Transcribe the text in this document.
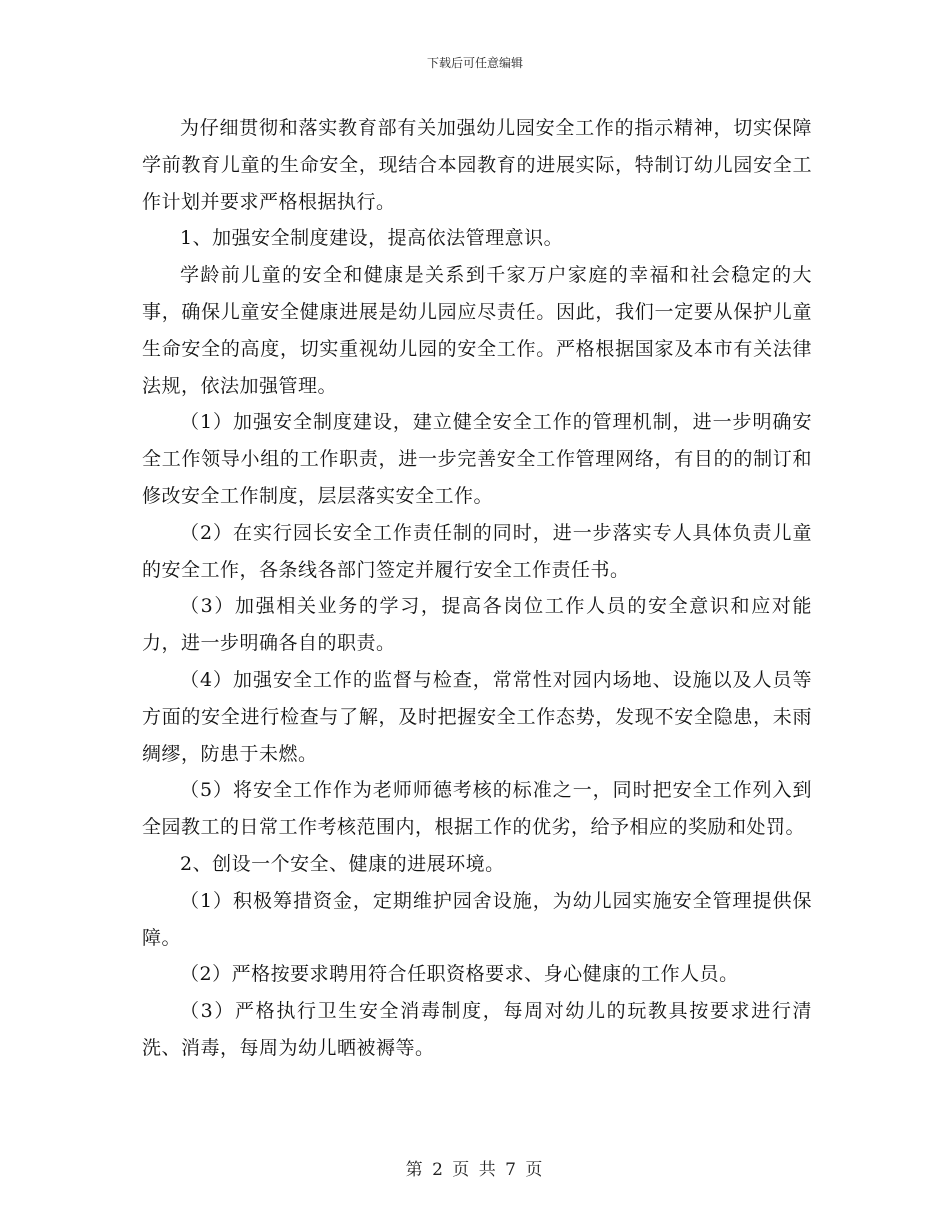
下载后可任意编辑

为仔细贯彻和落实教育部有关加强幼儿园安全工作的指示精神，切实保障学前教育儿童的生命安全，现结合本园教育的进展实际，特制订幼儿园安全工作计划并要求严格根据执行。

1、加强安全制度建设，提高依法管理意识。

学龄前儿童的安全和健康是关系到千家万户家庭的幸福和社会稳定的大事，确保儿童安全健康进展是幼儿园应尽责任。因此，我们一定要从保护儿童生命安全的高度，切实重视幼儿园的安全工作。严格根据国家及本市有关法律法规，依法加强管理。

（1）加强安全制度建设，建立健全安全工作的管理机制，进一步明确安全工作领导小组的工作职责，进一步完善安全工作管理网络，有目的的制订和修改安全工作制度，层层落实安全工作。

（2）在实行园长安全工作责任制的同时，进一步落实专人具体负责儿童的安全工作，各条线各部门签定并履行安全工作责任书。

（3）加强相关业务的学习，提高各岗位工作人员的安全意识和应对能力，进一步明确各自的职责。

（4）加强安全工作的监督与检查，常常性对园内场地、设施以及人员等方面的安全进行检查与了解，及时把握安全工作态势，发现不安全隐患，未雨绸缪，防患于未燃。

（5）将安全工作作为老师师德考核的标准之一，同时把安全工作列入到全园教工的日常工作考核范围内，根据工作的优劣，给予相应的奖励和处罚。

2、创设一个安全、健康的进展环境。

（1）积极筹措资金，定期维护园舍设施，为幼儿园实施安全管理提供保障。

（2）严格按要求聘用符合任职资格要求、身心健康的工作人员。

（3）严格执行卫生安全消毒制度，每周对幼儿的玩教具按要求进行清洗、消毒，每周为幼儿晒被褥等。

第 2 页 共 7 页
